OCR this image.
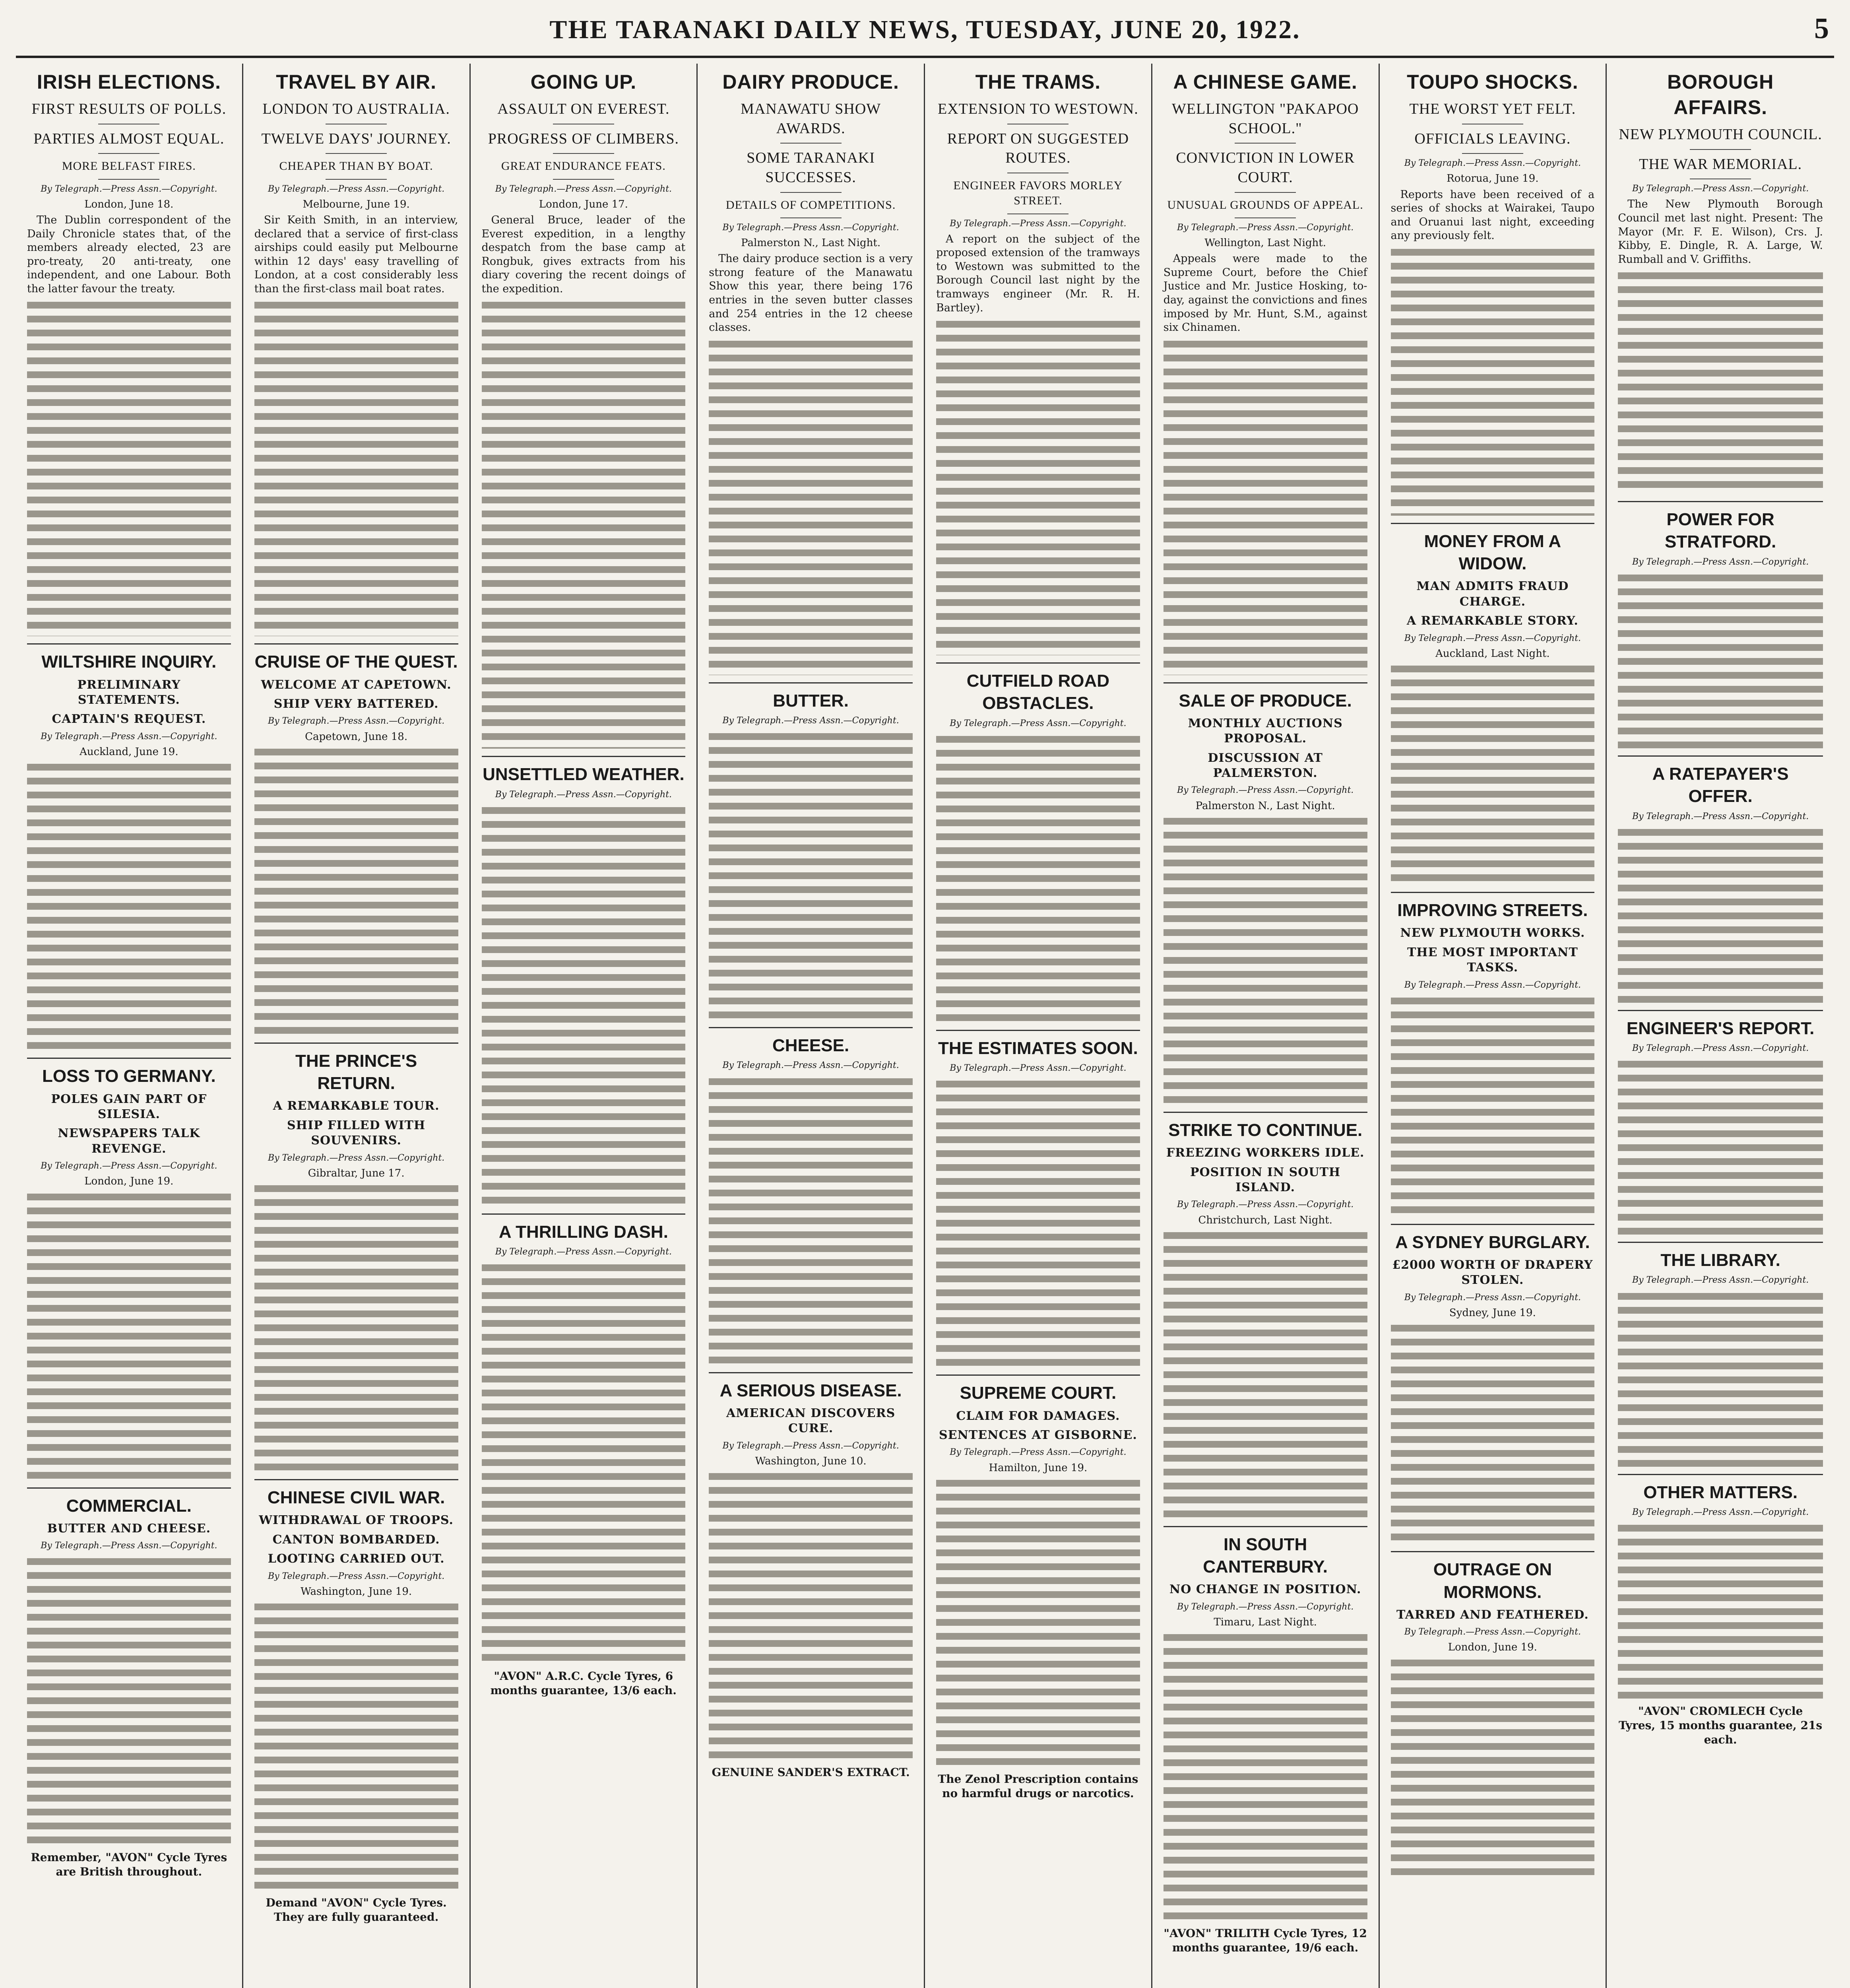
THE TARANAKI DAILY NEWS, TUESDAY, JUNE 20, 1922.	5
IRISH ELECTIONS.
FIRST RESULTS OF POLLS.
PARTIES ALMOST EQUAL.
MORE BELFAST FIRES.
By Telegraph.—Press Assn.—Copyright.
London, June 18.

The Dublin correspondent of the Daily Chronicle states that, of the members already elected, 23 are pro-treaty, 20 anti-treaty, one independent, and one Labour. Both the latter favour the treaty.

WILTSHIRE INQUIRY.
PRELIMINARY STATEMENTS.
CAPTAIN'S REQUEST.
By Telegraph.—Press Assn.—Copyright.
Auckland, June 19.
LOSS TO GERMANY.
POLES GAIN PART OF SILESIA.
NEWSPAPERS TALK REVENGE.
By Telegraph.—Press Assn.—Copyright.
London, June 19.
COMMERCIAL.
BUTTER AND CHEESE.
By Telegraph.—Press Assn.—Copyright.
Remember, "AVON" Cycle Tyres are British throughout.
TRAVEL BY AIR.
LONDON TO AUSTRALIA.
TWELVE DAYS' JOURNEY.
CHEAPER THAN BY BOAT.
By Telegraph.—Press Assn.—Copyright.
Melbourne, June 19.

Sir Keith Smith, in an interview, declared that a service of first-class airships could easily put Melbourne within 12 days' easy travelling of London, at a cost considerably less than the first-class mail boat rates.

CRUISE OF THE QUEST.
WELCOME AT CAPETOWN.
SHIP VERY BATTERED.
By Telegraph.—Press Assn.—Copyright.
Capetown, June 18.
THE PRINCE'S RETURN.
A REMARKABLE TOUR.
SHIP FILLED WITH SOUVENIRS.
By Telegraph.—Press Assn.—Copyright.
Gibraltar, June 17.
CHINESE CIVIL WAR.
WITHDRAWAL OF TROOPS.
CANTON BOMBARDED.
LOOTING CARRIED OUT.
By Telegraph.—Press Assn.—Copyright.
Washington, June 19.
Demand "AVON" Cycle Tyres. They are fully guaranteed.
GOING UP.
ASSAULT ON EVEREST.
PROGRESS OF CLIMBERS.
GREAT ENDURANCE FEATS.
By Telegraph.—Press Assn.—Copyright.
London, June 17.

General Bruce, leader of the Everest expedition, in a lengthy despatch from the base camp at Rongbuk, gives extracts from his diary covering the recent doings of the expedition.

UNSETTLED WEATHER.
By Telegraph.—Press Assn.—Copyright.
A THRILLING DASH.
By Telegraph.—Press Assn.—Copyright.
"AVON" A.R.C. Cycle Tyres, 6 months guarantee, 13/6 each.
DAIRY PRODUCE.
MANAWATU SHOW AWARDS.
SOME TARANAKI SUCCESSES.
DETAILS OF COMPETITIONS.
By Telegraph.—Press Assn.—Copyright.
Palmerston N., Last Night.

The dairy produce section is a very strong feature of the Manawatu Show this year, there being 176 entries in the seven butter classes and 254 entries in the 12 cheese classes.

BUTTER.
By Telegraph.—Press Assn.—Copyright.
CHEESE.
By Telegraph.—Press Assn.—Copyright.
A SERIOUS DISEASE.
AMERICAN DISCOVERS CURE.
By Telegraph.—Press Assn.—Copyright.
Washington, June 10.
GENUINE SANDER'S EXTRACT.
THE TRAMS.
EXTENSION TO WESTOWN.
REPORT ON SUGGESTED ROUTES.
ENGINEER FAVORS MORLEY STREET.
By Telegraph.—Press Assn.—Copyright.

A report on the subject of the proposed extension of the tramways to Westown was submitted to the Borough Council last night by the tramways engineer (Mr. R. H. Bartley).

CUTFIELD ROAD OBSTACLES.
By Telegraph.—Press Assn.—Copyright.
THE ESTIMATES SOON.
By Telegraph.—Press Assn.—Copyright.
SUPREME COURT.
CLAIM FOR DAMAGES.
SENTENCES AT GISBORNE.
By Telegraph.—Press Assn.—Copyright.
Hamilton, June 19.
The Zenol Prescription contains no harmful drugs or narcotics.
A CHINESE GAME.
WELLINGTON "PAKAPOO SCHOOL."
CONVICTION IN LOWER COURT.
UNUSUAL GROUNDS OF APPEAL.
By Telegraph.—Press Assn.—Copyright.
Wellington, Last Night.

Appeals were made to the Supreme Court, before the Chief Justice and Mr. Justice Hosking, to-day, against the convictions and fines imposed by Mr. Hunt, S.M., against six Chinamen.

SALE OF PRODUCE.
MONTHLY AUCTIONS PROPOSAL.
DISCUSSION AT PALMERSTON.
By Telegraph.—Press Assn.—Copyright.
Palmerston N., Last Night.
STRIKE TO CONTINUE.
FREEZING WORKERS IDLE.
POSITION IN SOUTH ISLAND.
By Telegraph.—Press Assn.—Copyright.
Christchurch, Last Night.
IN SOUTH CANTERBURY.
NO CHANGE IN POSITION.
By Telegraph.—Press Assn.—Copyright.
Timaru, Last Night.
"AVON" TRILITH Cycle Tyres, 12 months guarantee, 19/6 each.
TOUPO SHOCKS.
THE WORST YET FELT.
OFFICIALS LEAVING.
By Telegraph.—Press Assn.—Copyright.
Rotorua, June 19.

Reports have been received of a series of shocks at Wairakei, Taupo and Oruanui last night, exceeding any previously felt.

MONEY FROM A WIDOW.
MAN ADMITS FRAUD CHARGE.
A REMARKABLE STORY.
By Telegraph.—Press Assn.—Copyright.
Auckland, Last Night.
IMPROVING STREETS.
NEW PLYMOUTH WORKS.
THE MOST IMPORTANT TASKS.
By Telegraph.—Press Assn.—Copyright.
A SYDNEY BURGLARY.
£2000 WORTH OF DRAPERY STOLEN.
By Telegraph.—Press Assn.—Copyright.
Sydney, June 19.
OUTRAGE ON MORMONS.
TARRED AND FEATHERED.
By Telegraph.—Press Assn.—Copyright.
London, June 19.
BOROUGH AFFAIRS.
NEW PLYMOUTH COUNCIL.
THE WAR MEMORIAL.
By Telegraph.—Press Assn.—Copyright.

The New Plymouth Borough Council met last night. Present: The Mayor (Mr. F. E. Wilson), Crs. J. Kibby, E. Dingle, R. A. Large, W. Rumball and V. Griffiths.

POWER FOR STRATFORD.
By Telegraph.—Press Assn.—Copyright.
A RATEPAYER'S OFFER.
By Telegraph.—Press Assn.—Copyright.
ENGINEER'S REPORT.
By Telegraph.—Press Assn.—Copyright.
THE LIBRARY.
By Telegraph.—Press Assn.—Copyright.
OTHER MATTERS.
By Telegraph.—Press Assn.—Copyright.
"AVON" CROMLECH Cycle Tyres, 15 months guarantee, 21s each.
